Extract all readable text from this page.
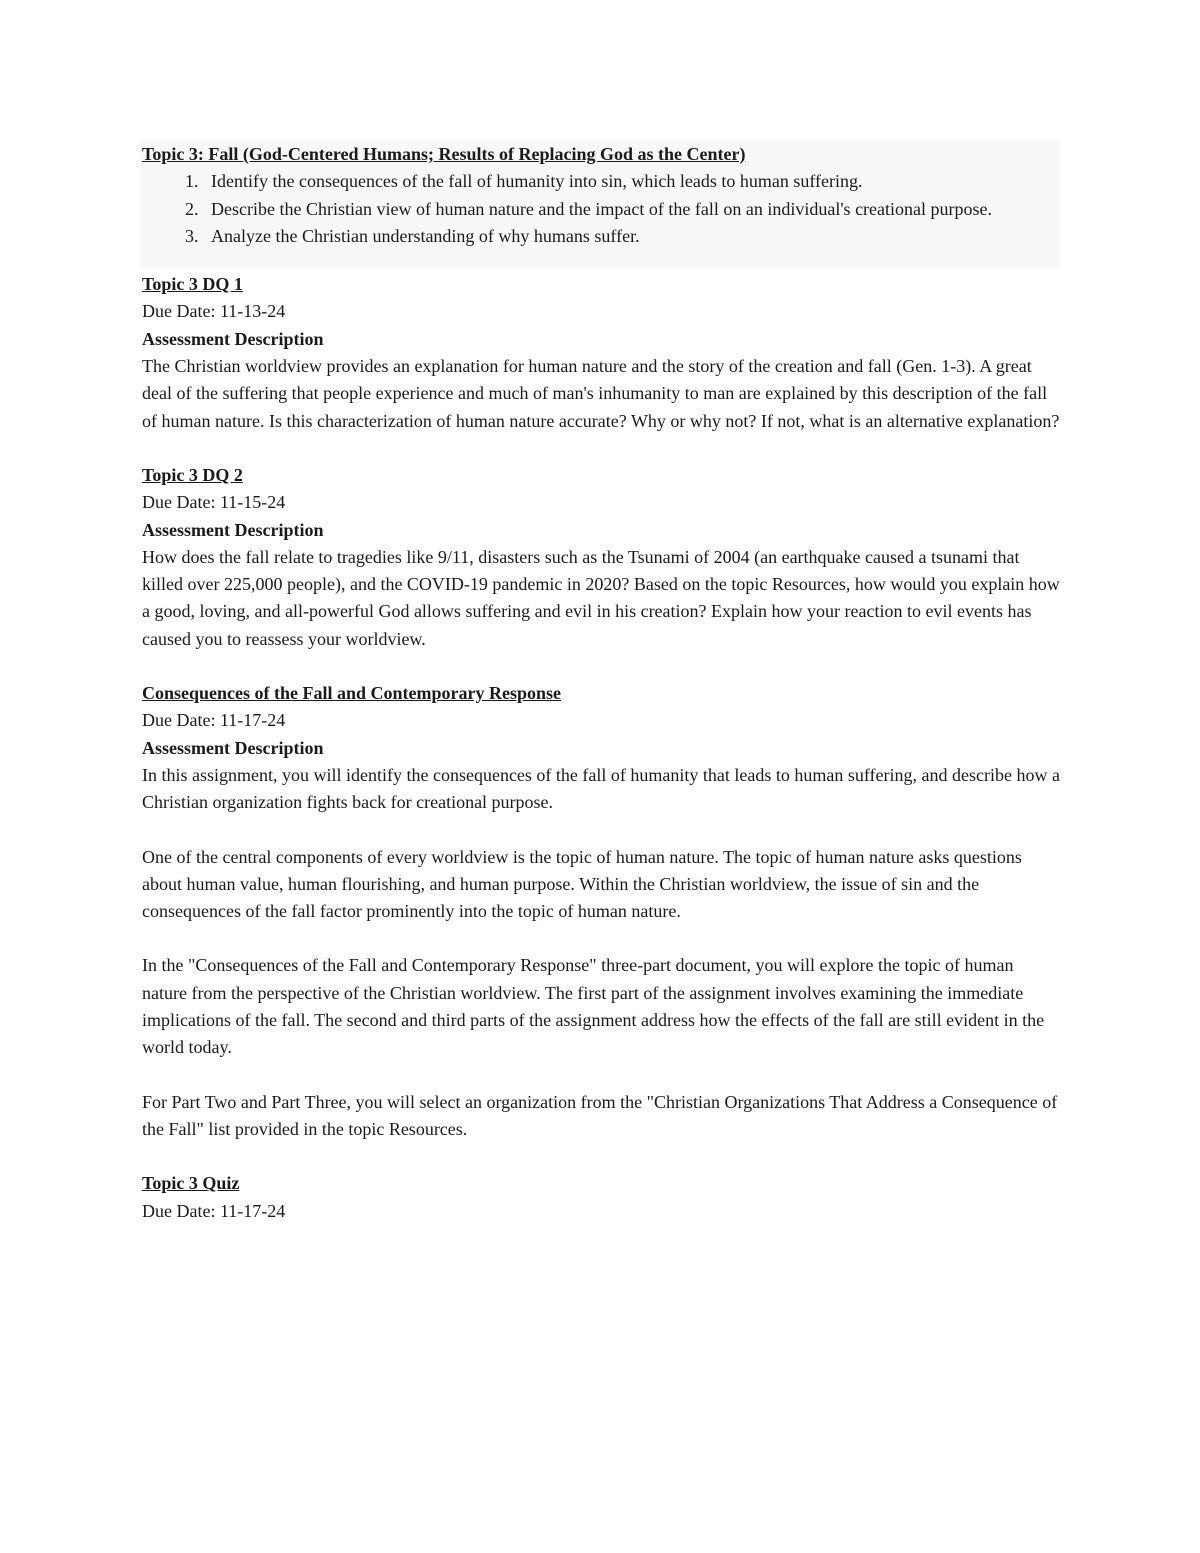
Topic 3: Fall (God-Centered Humans; Results of Replacing God as the Center)
1. Identify the consequences of the fall of humanity into sin, which leads to human suffering.
2. Describe the Christian view of human nature and the impact of the fall on an individual's creational purpose.
3. Analyze the Christian understanding of why humans suffer.
Topic 3 DQ 1
Due Date: 11-13-24
Assessment Description

The Christian worldview provides an explanation for human nature and the story of the creation and fall (Gen. 1-3). A great deal of the suffering that people experience and much of man's inhumanity to man are explained by this description of the fall of human nature. Is this characterization of human nature accurate? Why or why not? If not, what is an alternative explanation?

Topic 3 DQ 2
Due Date: 11-15-24
Assessment Description

How does the fall relate to tragedies like 9/11, disasters such as the Tsunami of 2004 (an earthquake caused a tsunami that killed over 225,000 people), and the COVID-19 pandemic in 2020? Based on the topic Resources, how would you explain how a good, loving, and all-powerful God allows suffering and evil in his creation? Explain how your reaction to evil events has caused you to reassess your worldview.

Consequences of the Fall and Contemporary Response
Due Date: 11-17-24
Assessment Description

In this assignment, you will identify the consequences of the fall of humanity that leads to human suffering, and describe how a Christian organization fights back for creational purpose.

One of the central components of every worldview is the topic of human nature. The topic of human nature asks questions about human value, human flourishing, and human purpose. Within the Christian worldview, the issue of sin and the consequences of the fall factor prominently into the topic of human nature.

In the "Consequences of the Fall and Contemporary Response" three-part document, you will explore the topic of human nature from the perspective of the Christian worldview. The first part of the assignment involves examining the immediate implications of the fall. The second and third parts of the assignment address how the effects of the fall are still evident in the world today.

For Part Two and Part Three, you will select an organization from the "Christian Organizations That Address a Consequence of the Fall" list provided in the topic Resources.

Topic 3 Quiz
Due Date: 11-17-24
